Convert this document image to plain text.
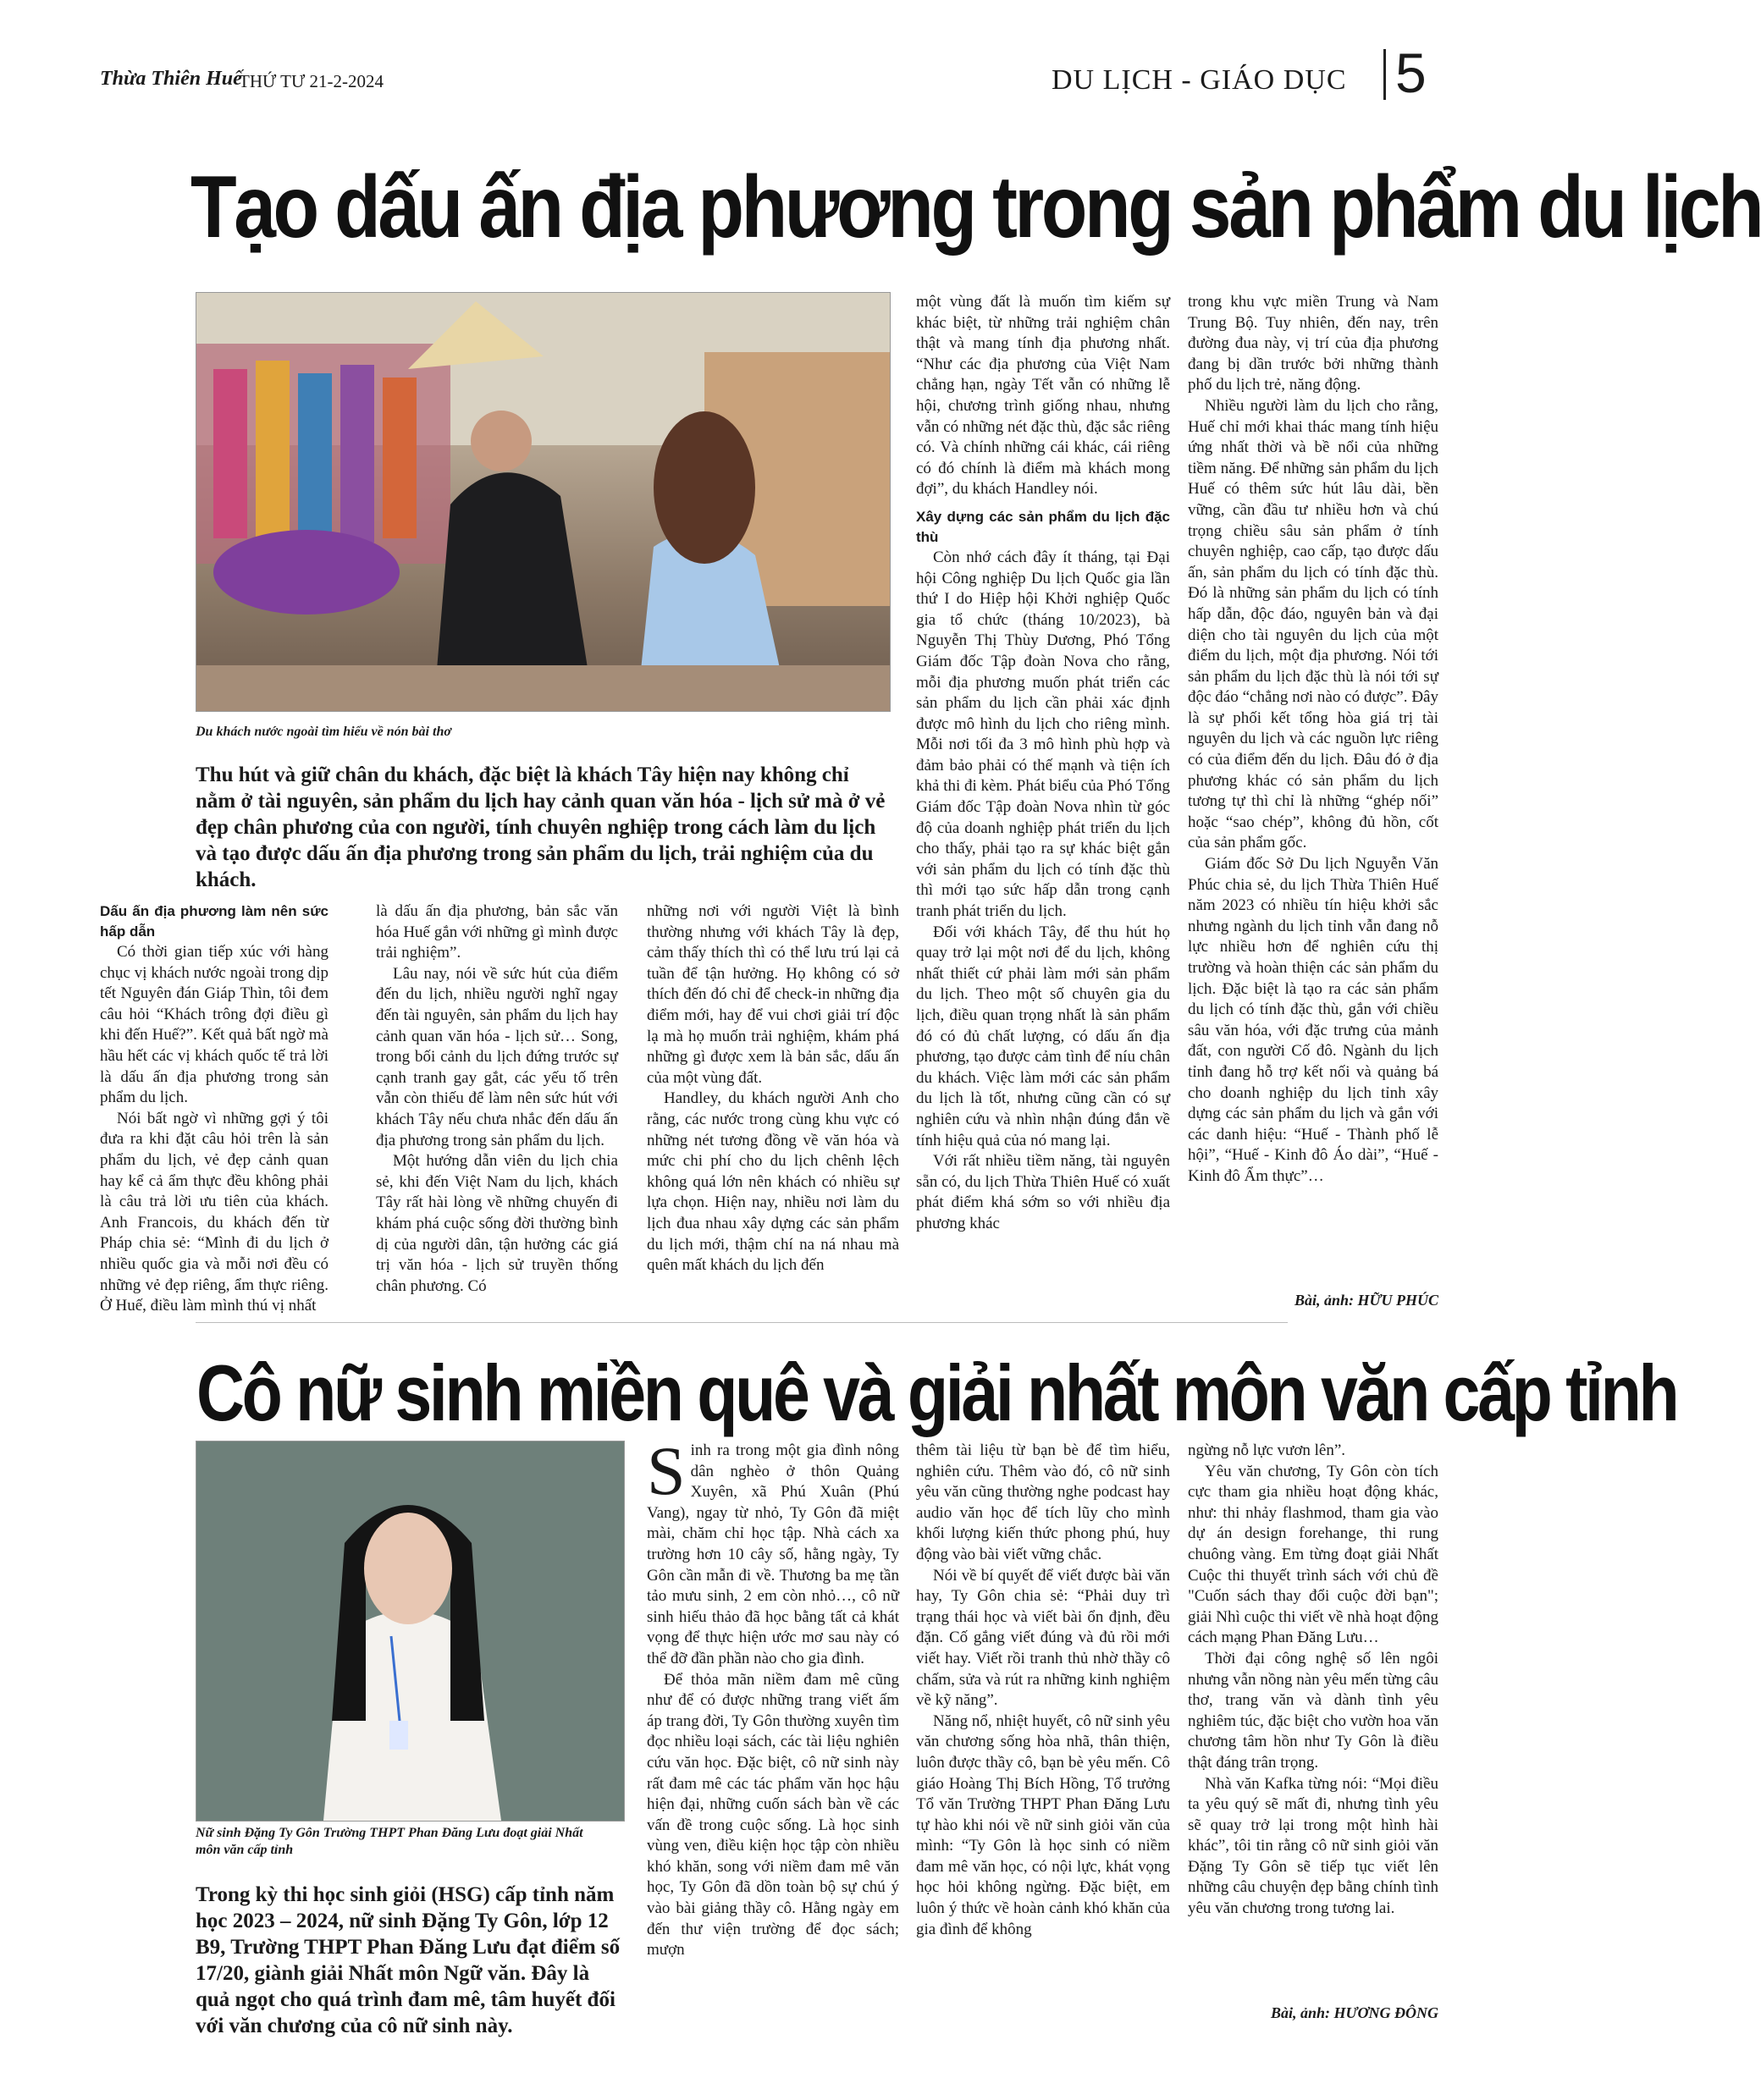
Thừa Thiên Huế
THỨ TƯ 21-2-2024	DU LỊCH - GIÁO DỤC 5
Tạo dấu ấn địa phương trong sản phẩm du lịch
Du khách nước ngoài tìm hiểu về nón bài thơ
Thu hút và giữ chân du khách, đặc biệt là khách Tây hiện nay không chỉ nằm ở tài nguyên, sản phẩm du lịch hay cảnh quan văn hóa - lịch sử mà ở vẻ đẹp chân phương của con người, tính chuyên nghiệp trong cách làm du lịch và tạo được dấu ấn địa phương trong sản phẩm du lịch, trải nghiệm của du khách.

Dấu ấn địa phương làm nên sức hấp dẫn

Có thời gian tiếp xúc với hàng chục vị khách nước ngoài trong dịp tết Nguyên đán Giáp Thìn, tôi đem câu hỏi “Khách trông đợi điều gì khi đến Huế?”. Kết quả bất ngờ mà hầu hết các vị khách quốc tế trả lời là dấu ấn địa phương trong sản phẩm du lịch.

Nói bất ngờ vì những gợi ý tôi đưa ra khi đặt câu hỏi trên là sản phẩm du lịch, vẻ đẹp cảnh quan hay kể cả ẩm thực đều không phải là câu trả lời ưu tiên của khách. Anh Francois, du khách đến từ Pháp chia sẻ: “Mình đi du lịch ở nhiều quốc gia và mỗi nơi đều có những vẻ đẹp riêng, ẩm thực riêng. Ở Huế, điều làm mình thú vị nhất

là dấu ấn địa phương, bản sắc văn hóa Huế gắn với những gì mình được trải nghiệm”.

Lâu nay, nói về sức hút của điểm đến du lịch, nhiều người nghĩ ngay đến tài nguyên, sản phẩm du lịch hay cảnh quan văn hóa - lịch sử… Song, trong bối cảnh du lịch đứng trước sự cạnh tranh gay gắt, các yếu tố trên vẫn còn thiếu để làm nên sức hút với khách Tây nếu chưa nhắc đến dấu ấn địa phương trong sản phẩm du lịch.

Một hướng dẫn viên du lịch chia sẻ, khi đến Việt Nam du lịch, khách Tây rất hài lòng về những chuyến đi khám phá cuộc sống đời thường bình dị của người dân, tận hưởng các giá trị văn hóa - lịch sử truyền thống chân phương. Có

những nơi với người Việt là bình thường nhưng với khách Tây là đẹp, cảm thấy thích thì có thể lưu trú lại cả tuần để tận hưởng. Họ không có sở thích đến đó chỉ để check-in những địa điểm mới, hay để vui chơi giải trí độc lạ mà họ muốn trải nghiệm, khám phá những gì được xem là bản sắc, dấu ấn của một vùng đất.

Handley, du khách người Anh cho rằng, các nước trong cùng khu vực có những nét tương đồng về văn hóa và mức chi phí cho du lịch chênh lệch không quá lớn nên khách có nhiều sự lựa chọn. Hiện nay, nhiều nơi làm du lịch đua nhau xây dựng các sản phẩm du lịch mới, thậm chí na ná nhau mà quên mất khách du lịch đến

một vùng đất là muốn tìm kiếm sự khác biệt, từ những trải nghiệm chân thật và mang tính địa phương nhất. “Như các địa phương của Việt Nam chẳng hạn, ngày Tết vẫn có những lễ hội, chương trình giống nhau, nhưng vẫn có những nét đặc thù, đặc sắc riêng có. Và chính những cái khác, cái riêng có đó chính là điểm mà khách mong đợi”, du khách Handley nói.

Xây dựng các sản phẩm du lịch đặc thù

Còn nhớ cách đây ít tháng, tại Đại hội Công nghiệp Du lịch Quốc gia lần thứ I do Hiệp hội Khởi nghiệp Quốc gia tổ chức (tháng 10/2023), bà Nguyễn Thị Thùy Dương, Phó Tổng Giám đốc Tập đoàn Nova cho rằng, mỗi địa phương muốn phát triển các sản phẩm du lịch cần phải xác định được mô hình du lịch cho riêng mình. Mỗi nơi tối đa 3 mô hình phù hợp và đảm bảo phải có thế mạnh và tiện ích khả thi đi kèm. Phát biểu của Phó Tổng Giám đốc Tập đoàn Nova nhìn từ góc độ của doanh nghiệp phát triển du lịch cho thấy, phải tạo ra sự khác biệt gắn với sản phẩm du lịch có tính đặc thù thì mới tạo sức hấp dẫn trong cạnh tranh phát triển du lịch.

Đối với khách Tây, để thu hút họ quay trở lại một nơi để du lịch, không nhất thiết cứ phải làm mới sản phẩm du lịch. Theo một số chuyên gia du lịch, điều quan trọng nhất là sản phẩm đó có đủ chất lượng, có dấu ấn địa phương, tạo được cảm tình để níu chân du khách. Việc làm mới các sản phẩm du lịch là tốt, nhưng cũng cần có sự nghiên cứu và nhìn nhận đúng đắn về tính hiệu quả của nó mang lại.

Với rất nhiều tiềm năng, tài nguyên sẵn có, du lịch Thừa Thiên Huế có xuất phát điểm khá sớm so với nhiều địa phương khác

trong khu vực miền Trung và Nam Trung Bộ. Tuy nhiên, đến nay, trên đường đua này, vị trí của địa phương đang bị dần trước bởi những thành phố du lịch trẻ, năng động.

Nhiều người làm du lịch cho rằng, Huế chỉ mới khai thác mang tính hiệu ứng nhất thời và bề nổi của những tiềm năng. Để những sản phẩm du lịch Huế có thêm sức hút lâu dài, bền vững, cần đầu tư nhiều hơn và chú trọng chiều sâu sản phẩm ở tính chuyên nghiệp, cao cấp, tạo được dấu ấn, sản phẩm du lịch có tính đặc thù. Đó là những sản phẩm du lịch có tính hấp dẫn, độc đáo, nguyên bản và đại diện cho tài nguyên du lịch của một điểm du lịch, một địa phương. Nói tới sản phẩm du lịch đặc thù là nói tới sự độc đáo “chẳng nơi nào có được”. Đây là sự phối kết tổng hòa giá trị tài nguyên du lịch và các nguồn lực riêng có của điểm đến du lịch. Đâu đó ở địa phương khác có sản phẩm du lịch tương tự thì chỉ là những “ghép nối” hoặc “sao chép”, không đủ hồn, cốt của sản phẩm gốc.

Giám đốc Sở Du lịch Nguyễn Văn Phúc chia sẻ, du lịch Thừa Thiên Huế năm 2023 có nhiều tín hiệu khởi sắc nhưng ngành du lịch tỉnh vẫn đang nỗ lực nhiều hơn để nghiên cứu thị trường và hoàn thiện các sản phẩm du lịch. Đặc biệt là tạo ra các sản phẩm du lịch có tính đặc thù, gắn với chiều sâu văn hóa, với đặc trưng của mảnh đất, con người Cố đô. Ngành du lịch tỉnh đang hỗ trợ kết nối và quảng bá cho doanh nghiệp du lịch tỉnh xây dựng các sản phẩm du lịch và gắn với các danh hiệu: “Huế - Thành phố lễ hội”, “Huế - Kinh đô Áo dài”, “Huế - Kinh đô Ẩm thực”…

Bài, ảnh: HỮU PHÚC
Cô nữ sinh miền quê và giải nhất môn văn cấp tỉnh
Nữ sinh Đặng Ty Gôn Trường THPT Phan Đăng Lưu đoạt giải Nhất môn văn cấp tỉnh
Trong kỳ thi học sinh giỏi (HSG) cấp tỉnh năm học 2023 – 2024, nữ sinh Đặng Ty Gôn, lớp 12 B9, Trường THPT Phan Đăng Lưu đạt điểm số 17/20, giành giải Nhất môn Ngữ văn. Đây là quả ngọt cho quá trình đam mê, tâm huyết đối với văn chương của cô nữ sinh này.

Sinh ra trong một gia đình nông dân nghèo ở thôn Quảng Xuyên, xã Phú Xuân (Phú Vang), ngay từ nhỏ, Ty Gôn đã miệt mài, chăm chỉ học tập. Nhà cách xa trường hơn 10 cây số, hằng ngày, Ty Gôn cần mẫn đi về. Thương ba mẹ tần tảo mưu sinh, 2 em còn nhỏ…, cô nữ sinh hiếu thảo đã học bằng tất cả khát vọng để thực hiện ước mơ sau này có thể đỡ đần phần nào cho gia đình.

Để thỏa mãn niềm đam mê cũng như để có được những trang viết ấm áp trang đời, Ty Gôn thường xuyên tìm đọc nhiều loại sách, các tài liệu nghiên cứu văn học. Đặc biệt, cô nữ sinh này rất đam mê các tác phẩm văn học hậu hiện đại, những cuốn sách bàn về các vấn đề trong cuộc sống. Là học sinh vùng ven, điều kiện học tập còn nhiều khó khăn, song với niềm đam mê văn học, Ty Gôn đã dồn toàn bộ sự chú ý vào bài giảng thầy cô. Hằng ngày em đến thư viện trường để đọc sách; mượn

thêm tài liệu từ bạn bè để tìm hiểu, nghiên cứu. Thêm vào đó, cô nữ sinh yêu văn cũng thường nghe podcast hay audio văn học để tích lũy cho mình khối lượng kiến thức phong phú, huy động vào bài viết vững chắc.

Nói về bí quyết để viết được bài văn hay, Ty Gôn chia sẻ: “Phải duy trì trạng thái học và viết bài ổn định, đều đặn. Cố gắng viết đúng và đủ rồi mới viết hay. Viết rồi tranh thủ nhờ thầy cô chấm, sửa và rút ra những kinh nghiệm về kỹ năng”.

Năng nổ, nhiệt huyết, cô nữ sinh yêu văn chương sống hòa nhã, thân thiện, luôn được thầy cô, bạn bè yêu mến. Cô giáo Hoàng Thị Bích Hồng, Tổ trưởng Tổ văn Trường THPT Phan Đăng Lưu tự hào khi nói về nữ sinh giỏi văn của mình: “Ty Gôn là học sinh có niềm đam mê văn học, có nội lực, khát vọng học hỏi không ngừng. Đặc biệt, em luôn ý thức về hoàn cảnh khó khăn của gia đình để không

ngừng nỗ lực vươn lên”.

Yêu văn chương, Ty Gôn còn tích cực tham gia nhiều hoạt động khác, như: thi nhảy flashmod, tham gia vào dự án design forehange, thi rung chuông vàng. Em từng đoạt giải Nhất Cuộc thi thuyết trình sách với chủ đề "Cuốn sách thay đổi cuộc đời bạn"; giải Nhì cuộc thi viết về nhà hoạt động cách mạng Phan Đăng Lưu…

Thời đại công nghệ số lên ngôi nhưng vẫn nồng nàn yêu mến từng câu thơ, trang văn và dành tình yêu nghiêm túc, đặc biệt cho vườn hoa văn chương tâm hồn như Ty Gôn là điều thật đáng trân trọng.

Nhà văn Kafka từng nói: “Mọi điều ta yêu quý sẽ mất đi, nhưng tình yêu sẽ quay trở lại trong một hình hài khác”, tôi tin rằng cô nữ sinh giỏi văn Đặng Ty Gôn sẽ tiếp tục viết lên những câu chuyện đẹp bằng chính tình yêu văn chương trong tương lai.

Bài, ảnh: HƯƠNG ĐÔNG
